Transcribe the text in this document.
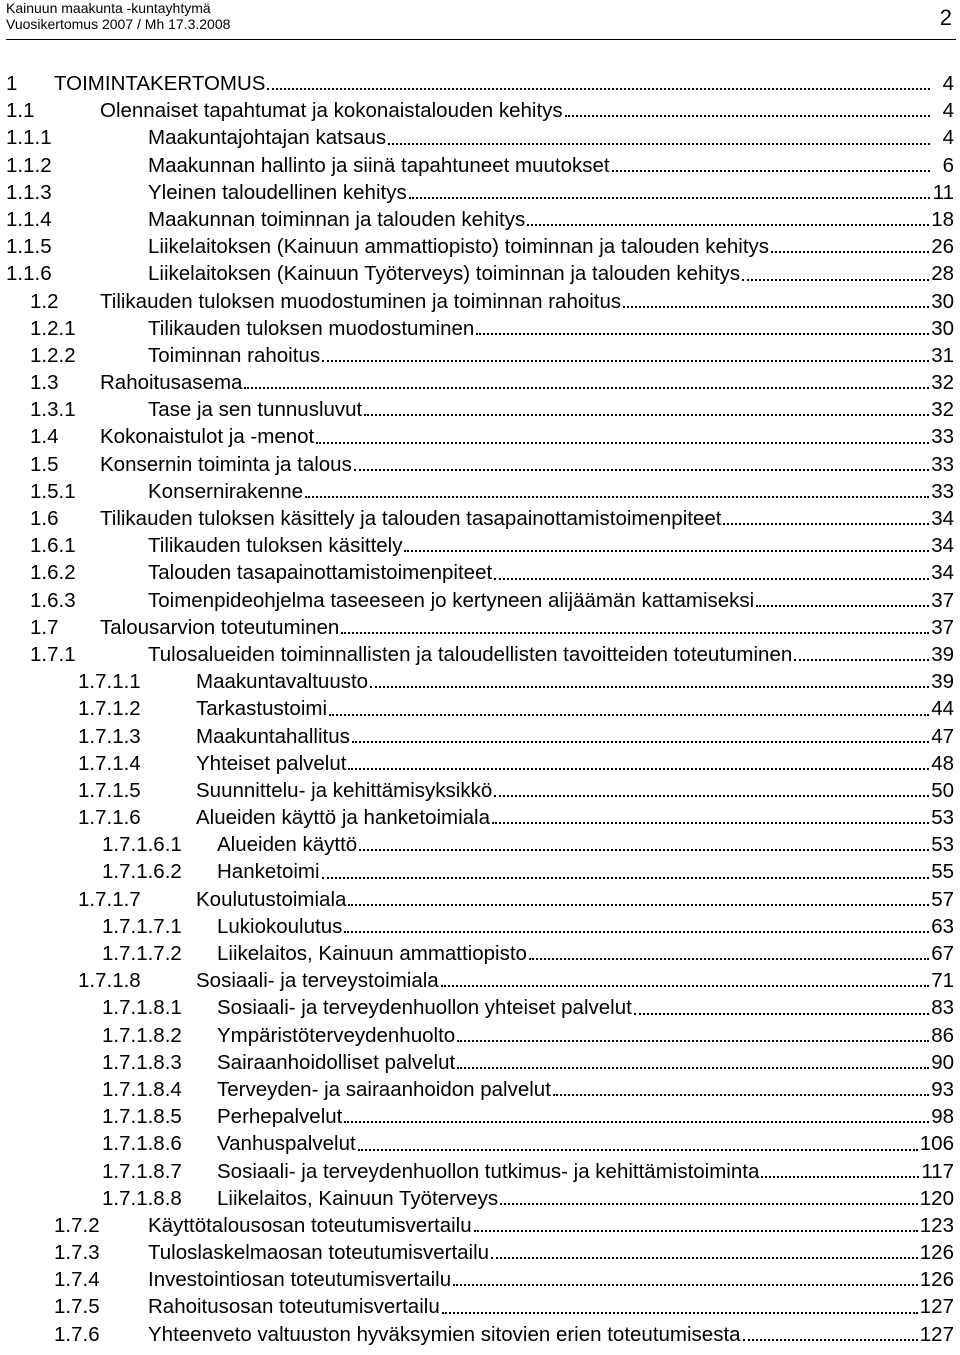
Kainuun maakunta -kuntayhtymä
Vuosikertomus 2007 / Mh 17.3.2008	2
1 TOIMINTAKERTOMUS	4
1.1	Olennaiset tapahtumat ja kokonaistalouden kehitys	4
1.1.1	Maakuntajohtajan katsaus	4
1.1.2	Maakunnan hallinto ja siinä tapahtuneet muutokset	6
1.1.3	Yleinen taloudellinen kehitys	11
1.1.4	Maakunnan toiminnan ja talouden kehitys	18
1.1.5	Liikelaitoksen (Kainuun ammattiopisto) toiminnan ja talouden kehitys	26
1.1.6	Liikelaitoksen (Kainuun Työterveys) toiminnan ja talouden kehitys	28
1.2 Tilikauden tuloksen muodostuminen ja toiminnan rahoitus	30
1.2.1	Tilikauden tuloksen muodostuminen	30
1.2.2	Toiminnan rahoitus	31
1.3 Rahoitusasema	32
1.3.1	Tase ja sen tunnusluvut	32
1.4 Kokonaistulot ja -menot	33
1.5 Konsernin toiminta ja talous	33
1.5.1	Konsernirakenne	33
1.6 Tilikauden tuloksen käsittely ja talouden tasapainottamistoimenpiteet	34
1.6.1	Tilikauden tuloksen käsittely	34
1.6.2	Talouden tasapainottamistoimenpiteet	34
1.6.3	Toimenpideohjelma taseeseen jo kertyneen alijäämän kattamiseksi	37
1.7 Talousarvion toteutuminen	37
1.7.1	Tulosalueiden toiminnallisten ja taloudellisten tavoitteiden toteutuminen	39
1.7.1.1	Maakuntavaltuusto	39
1.7.1.2	Tarkastustoimi	44
1.7.1.3	Maakuntahallitus	47
1.7.1.4	Yhteiset palvelut	48
1.7.1.5	Suunnittelu- ja kehittämisyksikkö	50
1.7.1.6	Alueiden käyttö ja hanketoimiala	53
1.7.1.6.1 Alueiden käyttö	53
1.7.1.6.2 Hanketoimi	55
1.7.1.7	Koulutustoimiala	57
1.7.1.7.1 Lukiokoulutus	63
1.7.1.7.2 Liikelaitos, Kainuun ammattiopisto	67
1.7.1.8	Sosiaali- ja terveystoimiala	71
1.7.1.8.1 Sosiaali- ja terveydenhuollon yhteiset palvelut	83
1.7.1.8.2 Ympäristöterveydenhuolto	86
1.7.1.8.3 Sairaanhoidolliset palvelut	90
1.7.1.8.4 Terveyden- ja sairaanhoidon palvelut	93
1.7.1.8.5 Perhepalvelut	98
1.7.1.8.6 Vanhuspalvelut	106
1.7.1.8.7 Sosiaali- ja terveydenhuollon tutkimus- ja kehittämistoiminta	117
1.7.1.8.8 Liikelaitos, Kainuun Työterveys	120
1.7.2 Käyttötalousosan toteutumisvertailu	123
1.7.3 Tuloslaskelmaosan toteutumisvertailu	126
1.7.4 Investointiosan toteutumisvertailu	126
1.7.5 Rahoitusosan toteutumisvertailu	127
1.7.6 Yhteenveto valtuuston hyväksymien sitovien erien toteutumisesta	127
